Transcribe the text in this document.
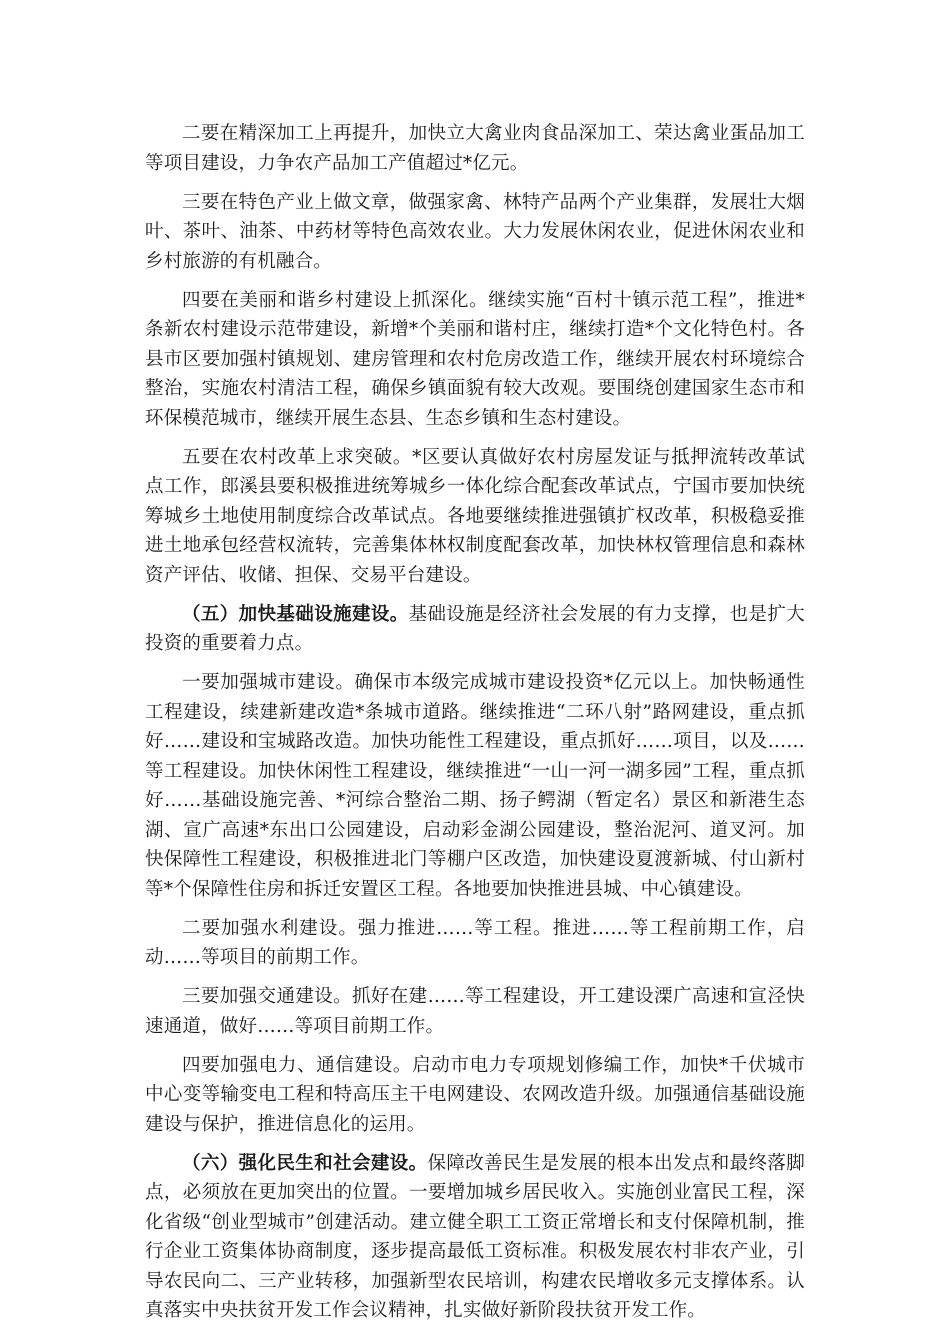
二要在精深加工上再提升，加快立大禽业肉食品深加工、荣达禽业蛋品加工等项目建设，力争农产品加工产值超过*亿元。

三要在特色产业上做文章，做强家禽、林特产品两个产业集群，发展壮大烟叶、茶叶、油茶、中药材等特色高效农业。大力发展休闲农业，促进休闲农业和乡村旅游的有机融合。

四要在美丽和谐乡村建设上抓深化。继续实施“百村十镇示范工程”，推进*条新农村建设示范带建设，新增*个美丽和谐村庄，继续打造*个文化特色村。各县市区要加强村镇规划、建房管理和农村危房改造工作，继续开展农村环境综合整治，实施农村清洁工程，确保乡镇面貌有较大改观。要围绕创建国家生态市和环保模范城市，继续开展生态县、生态乡镇和生态村建设。

五要在农村改革上求突破。*区要认真做好农村房屋发证与抵押流转改革试点工作，郎溪县要积极推进统筹城乡一体化综合配套改革试点，宁国市要加快统筹城乡土地使用制度综合改革试点。各地要继续推进强镇扩权改革，积极稳妥推进土地承包经营权流转，完善集体林权制度配套改革，加快林权管理信息和森林资产评估、收储、担保、交易平台建设。

（五）加快基础设施建设。基础设施是经济社会发展的有力支撑，也是扩大投资的重要着力点。

一要加强城市建设。确保市本级完成城市建设投资*亿元以上。加快畅通性工程建设，续建新建改造*条城市道路。继续推进“二环八射”路网建设，重点抓好……建设和宝城路改造。加快功能性工程建设，重点抓好……项目，以及……等工程建设。加快休闲性工程建设，继续推进“一山一河一湖多园”工程，重点抓好……基础设施完善、*河综合整治二期、扬子鳄湖（暂定名）景区和新港生态湖、宣广高速*东出口公园建设，启动彩金湖公园建设，整治泥河、道叉河。加快保障性工程建设，积极推进北门等棚户区改造，加快建设夏渡新城、付山新村等*个保障性住房和拆迁安置区工程。各地要加快推进县城、中心镇建设。

二要加强水利建设。强力推进……等工程。推进……等工程前期工作，启动……等项目的前期工作。

三要加强交通建设。抓好在建……等工程建设，开工建设溧广高速和宣泾快速通道，做好……等项目前期工作。

四要加强电力、通信建设。启动市电力专项规划修编工作，加快*千伏城市中心变等输变电工程和特高压主干电网建设、农网改造升级。加强通信基础设施建设与保护，推进信息化的运用。

（六）强化民生和社会建设。保障改善民生是发展的根本出发点和最终落脚点，必须放在更加突出的位置。一要增加城乡居民收入。实施创业富民工程，深化省级“创业型城市”创建活动。建立健全职工工资正常增长和支付保障机制，推行企业工资集体协商制度，逐步提高最低工资标准。积极发展农村非农产业，引导农民向二、三产业转移，加强新型农民培训，构建农民增收多元支撑体系。认真落实中央扶贫开发工作会议精神，扎实做好新阶段扶贫开发工作。
